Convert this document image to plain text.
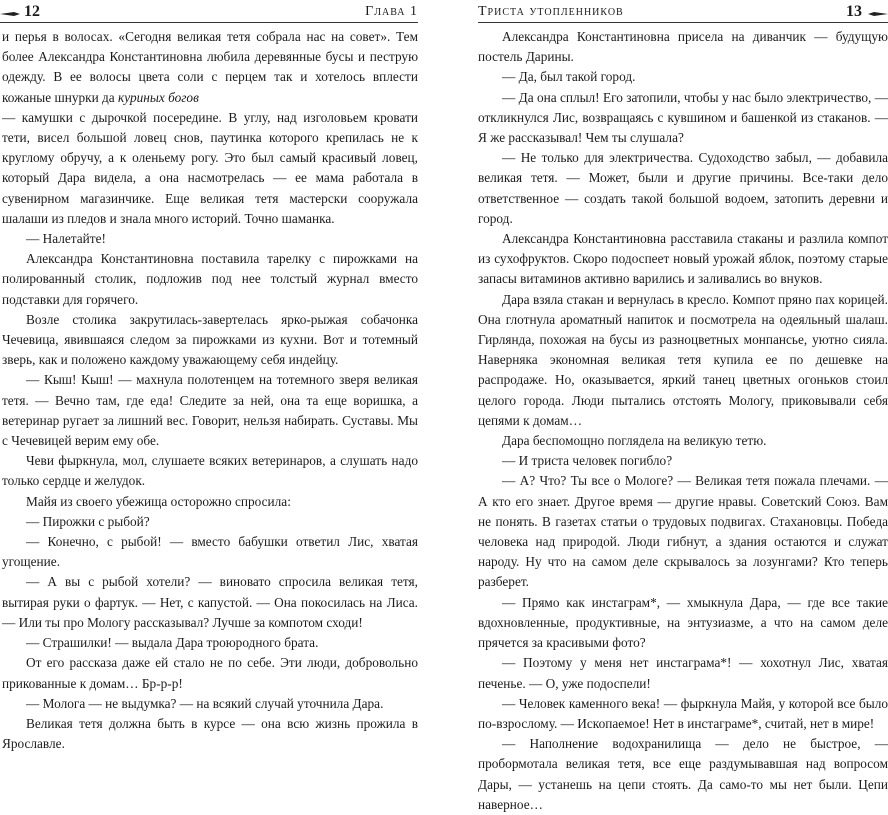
12	Глава 1

и перья в волосах. «Сегодня великая тетя собрала нас на совет». Тем более Александра Константиновна любила деревянные бусы и пеструю одежду. В ее волосы цвета соли с перцем так и хотелось вплести кожаные шнурки да куриных богов

— камушки с дырочкой посередине. В углу, над изголовьем кровати тети, висел большой ловец снов, паутинка которого крепилась не к круглому обручу, а к оленьему рогу. Это был самый красивый ловец, который Дара видела, а она насмотрелась — ее мама работала в сувенирном магазинчике. Еще великая тетя мастерски сооружала шалаши из пледов и знала много историй. Точно шаманка.

— Налетайте!

Александра Константиновна поставила тарелку с пирожками на полированный столик, подложив под нее толстый журнал вместо подставки для горячего.

Возле столика закрутилась-завертелась ярко-рыжая собачонка Чечевица, явившаяся следом за пирожками из кухни. Вот и тотемный зверь, как и положено каждому уважающему себя индейцу.

— Кыш! Кыш! — махнула полотенцем на тотемного зверя великая тетя. — Вечно там, где еда! Следите за ней, она та еще воришка, а ветеринар ругает за лишний вес. Говорит, нельзя набирать. Суставы. Мы с Чечевицей верим ему обе.

Чеви фыркнула, мол, слушаете всяких ветеринаров, а слушать надо только сердце и желудок.

Майя из своего убежища осторожно спросила:

— Пирожки с рыбой?

— Конечно, с рыбой! — вместо бабушки ответил Лис, хватая угощение.

— А вы с рыбой хотели? — виновато спросила великая тетя, вытирая руки о фартук. — Нет, с капустой. — Она покосилась на Лиса. — Или ты про Мологу рассказывал? Лучше за компотом сходи!

— Страшилки! — выдала Дара троюродного брата.

От его рассказа даже ей стало не по себе. Эти люди, добровольно прикованные к домам… Бр-р-р!

— Молога — не выдумка? — на всякий случай уточнила Дара.

Великая тетя должна быть в курсе — она всю жизнь прожила в Ярославле.

Триста утопленников	13

Александра Константиновна присела на диванчик — будущую постель Дарины.

— Да, был такой город.

— Да она сплыл! Его затопили, чтобы у нас было электричество, — откликнулся Лис, возвращаясь с кувшином и башенкой из стаканов. — Я же рассказывал! Чем ты слушала?

— Не только для электричества. Судоходство забыл, — добавила великая тетя. — Может, были и другие причины. Все-таки дело ответственное — создать такой большой водоем, затопить деревни и город.

Александра Константиновна расставила стаканы и разлила компот из сухофруктов. Скоро подоспеет новый урожай яблок, поэтому старые запасы витаминов активно варились и заливались во внуков.

Дара взяла стакан и вернулась в кресло. Компот пряно пах корицей. Она глотнула ароматный напиток и посмотрела на одеяльный шалаш. Гирлянда, похожая на бусы из разноцветных монпансье, уютно сияла. Наверняка экономная великая тетя купила ее по дешевке на распродаже. Но, оказывается, яркий танец цветных огоньков стоил целого города. Люди пытались отстоять Мологу, приковывали себя цепями к домам…

Дара беспомощно поглядела на великую тетю.

— И триста человек погибло?

— А? Что? Ты все о Мологе? — Великая тетя пожала плечами. — А кто его знает. Другое время — другие нравы. Советский Союз. Вам не понять. В газетах статьи о трудовых подвигах. Стахановцы. Победа человека над природой. Люди гибнут, а здания остаются и служат народу. Ну что на самом деле скрывалось за лозунгами? Кто теперь разберет.

— Прямо как инстаграм*, — хмыкнула Дара, — где все такие вдохновленные, продуктивные, на энтузиазме, а что на самом деле прячется за красивыми фото?

— Поэтому у меня нет инстаграма*! — хохотнул Лис, хватая печенье. — О, уже подоспели!

— Человек каменного века! — фыркнула Майя, у которой все было по-взрослому. — Ископаемое! Нет в инстаграме*, считай, нет в мире!

— Наполнение водохранилища — дело не быстрое, — пробормотала великая тетя, все еще раздумывавшая над вопросом Дары, — устанешь на цепи стоять. Да само-то мы нет были. Цепи наверное…
